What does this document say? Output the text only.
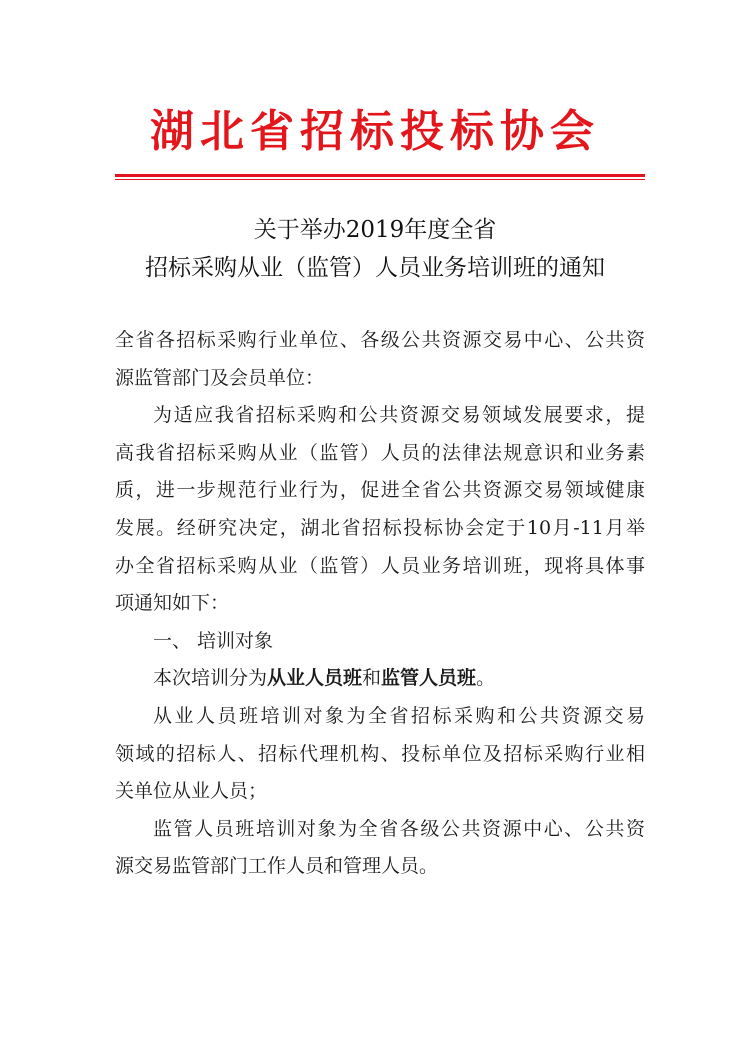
湖北省招标投标协会
关于举办2019年度全省
招标采购从业（监管）人员业务培训班的通知
全省各招标采购行业单位、各级公共资源交易中心、公共资
源监管部门及会员单位：
为适应我省招标采购和公共资源交易领域发展要求，提
高我省招标采购从业（监管）人员的法律法规意识和业务素
质，进一步规范行业行为，促进全省公共资源交易领域健康
发展。经研究决定，湖北省招标投标协会定于10月-11月举
办全省招标采购从业（监管）人员业务培训班，现将具体事
项通知如下：
一、 培训对象
本次培训分为从业人员班和监管人员班。
从业人员班培训对象为全省招标采购和公共资源交易
领域的招标人、招标代理机构、投标单位及招标采购行业相
关单位从业人员；
监管人员班培训对象为全省各级公共资源中心、公共资
源交易监管部门工作人员和管理人员。
